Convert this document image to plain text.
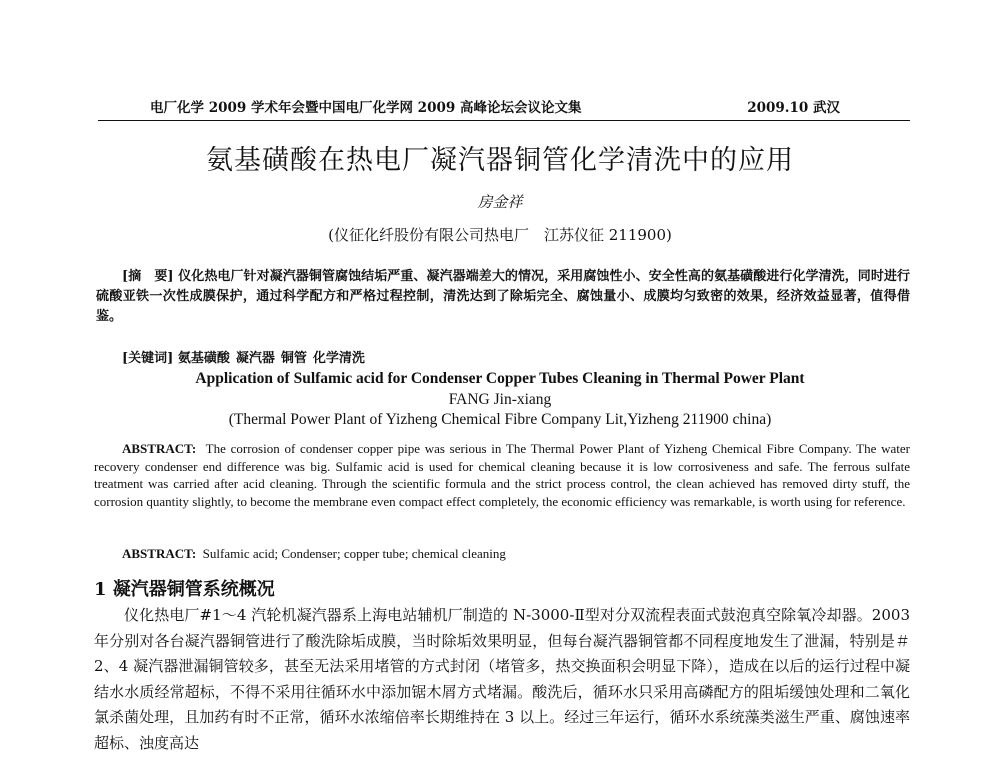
电厂化学 2009 学术年会暨中国电厂化学网 2009 高峰论坛会议论文集	2009.10 武汉
氨基磺酸在热电厂凝汽器铜管化学清洗中的应用
房金祥
(仪征化纤股份有限公司热电厂　江苏仪征 211900)
[摘　要] 仪化热电厂针对凝汽器铜管腐蚀结垢严重、凝汽器端差大的情况，采用腐蚀性小、安全性高的氨基磺酸进行化学清洗，同时进行硫酸亚铁一次性成膜保护，通过科学配方和严格过程控制，清洗达到了除垢完全、腐蚀量小、成膜均匀致密的效果，经济效益显著，值得借鉴。
[关键词] 氨基磺酸 凝汽器 铜管 化学清洗
Application of Sulfamic acid for Condenser Copper Tubes Cleaning in Thermal Power Plant
FANG Jin-xiang
(Thermal Power Plant of Yizheng Chemical Fibre Company Lit,Yizheng 211900 china)
ABSTRACT: The corrosion of condenser copper pipe was serious in The Thermal Power Plant of Yizheng Chemical Fibre Company. The water recovery condenser end difference was big. Sulfamic acid is used for chemical cleaning because it is low corrosiveness and safe. The ferrous sulfate treatment was carried after acid cleaning. Through the scientific formula and the strict process control, the clean achieved has removed dirty stuff, the corrosion quantity slightly, to become the membrane even compact effect completely, the economic efficiency was remarkable, is worth using for reference.
ABSTRACT: Sulfamic acid; Condenser; copper tube; chemical cleaning
1 凝汽器铜管系统概况
仪化热电厂#1～4 汽轮机凝汽器系上海电站辅机厂制造的 N-3000-Ⅱ型对分双流程表面式鼓泡真空除氧冷却器。2003 年分别对各台凝汽器铜管进行了酸洗除垢成膜，当时除垢效果明显，但每台凝汽器铜管都不同程度地发生了泄漏，特别是＃2、4 凝汽器泄漏铜管较多，甚至无法采用堵管的方式封闭（堵管多，热交换面积会明显下降），造成在以后的运行过程中凝结水水质经常超标，不得不采用往循环水中添加锯木屑方式堵漏。酸洗后，循环水只采用高磷配方的阻垢缓蚀处理和二氧化氯杀菌处理，且加药有时不正常，循环水浓缩倍率长期维持在 3 以上。经过三年运行，循环水系统藻类滋生严重、腐蚀速率超标、浊度高达
